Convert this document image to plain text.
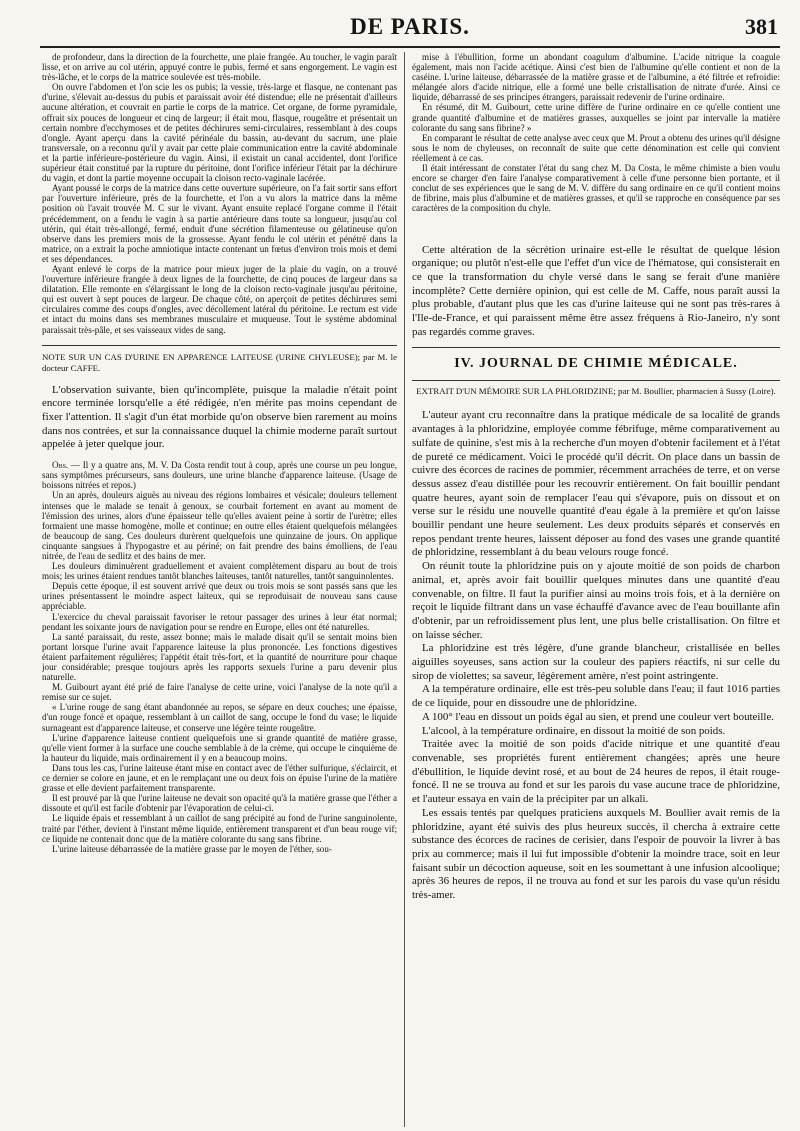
DE PARIS.	381

de profondeur, dans la direction de la fourchette, une plaie frangée. Au toucher, le vagin paraît lisse, et on arrive au col utérin, appuyé contre le pubis, fermé et sans engorgement. Le vagin est très-lâche, et le corps de la matrice soulevée est très-mobile.

On ouvre l'abdomen et l'on scie les os pubis; la vessie, très-large et flasque, ne contenant pas d'urine, s'élevait au-dessus du pubis et paraissait avoir été distendue; elle ne présentait d'ailleurs aucune altération, et couvrait en partie le corps de la matrice. Cet organe, de forme pyramidale, offrait six pouces de longueur et cinq de largeur; il était mou, flasque, rougeâtre et présentait un certain nombre d'ecchymoses et de petites déchirures semi-circulaires, ressemblant à des coups d'ongle. Ayant aperçu dans la cavité périnéale du bassin, au-devant du sacrum, une plaie transversale, on a reconnu qu'il y avait par cette plaie communication entre la cavité abdominale et la partie inférieure-postérieure du vagin. Ainsi, il existait un canal accidentel, dont l'orifice supérieur était constitué par la rupture du péritoine, dont l'orifice inférieur l'était par la déchirure du vagin, et dont la partie moyenne occupait la cloison recto-vaginale lacérée.

Ayant poussé le corps de la matrice dans cette ouverture supérieure, on l'a fait sortir sans effort par l'ouverture inférieure, près de la fourchette, et l'on a vu alors la matrice dans la même position où l'avait trouvée M. C sur le vivant. Ayant ensuite replacé l'organe comme il l'était précédemment, on a fendu le vagin à sa partie antérieure dans toute sa longueur, jusqu'au col utérin, qui était très-allongé, fermé, enduit d'une sécrétion filamenteuse ou gélatineuse qu'on observe dans les premiers mois de la grossesse. Ayant fendu le col utérin et pénétré dans la matrice, on a extrait la poche amniotique intacte contenant un fœtus d'environ trois mois et demi et ses dépendances.

Ayant enlevé le corps de la matrice pour mieux juger de la plaie du vagin, on a trouvé l'ouverture inférieure frangée à deux lignes de la fourchette, de cinq pouces de largeur dans sa dilatation. Elle remonte en s'élargissant le long de la cloison recto-vaginale jusqu'au péritoine, qui est ouvert à sept pouces de largeur. De chaque côté, on aperçoit de petites déchirures semi circulaires comme des coups d'ongles, avec décollement latéral du péritoine. Le rectum est vide et intact du moins dans ses membranes musculaire et muqueuse. Tout le système abdominal paraissait très-pâle, et ses vaisseaux vides de sang.

NOTE SUR UN CAS D'URINE EN APPARENCE LAITEUSE (URINE CHYLEUSE); par M. le docteur CAFFE.

L'observation suivante, bien qu'incomplète, puisque la maladie n'était point encore terminée lorsqu'elle a été rédigée, n'en mérite pas moins cependant de fixer l'attention. Il s'agit d'un état morbide qu'on observe bien rarement au moins dans nos contrées, et sur la connaissance duquel la chimie moderne paraît surtout appelée à jeter quelque jour.

Obs. — Il y a quatre ans, M. V. Da Costa rendit tout à coup, après une course un peu longue, sans symptômes précurseurs, sans douleurs, une urine blanche d'apparence laiteuse. (Usage de boissons nitrées et repos.)

Un an après, douleurs aiguës au niveau des régions lombaires et vésicale; douleurs tellement intenses que le malade se tenait à genoux, se courbait fortement en avant au moment de l'émission des urines, alors d'une épaisseur telle qu'elles avaient peine à sortir de l'urètre; elles formaient une masse homogène, molle et continue; en outre elles étaient quelquefois mélangées de beaucoup de sang. Ces douleurs durèrent quelquefois une quinzaine de jours. On applique cinquante sangsues à l'hypogastre et au périné; on fait prendre des bains émolliens, de l'eau nitrée, de l'eau de sedlitz et des bains de mer.

Les douleurs diminuèrent graduellement et avaient complètement disparu au bout de trois mois; les urines étaient rendues tantôt blanches laiteuses, tantôt naturelles, tantôt sanguinolentes.

Depuis cette époque, il est souvent arrivé que deux ou trois mois se sont passés sans que les urines présentassent le moindre aspect laiteux, qui se reproduisait de nouveau sans cause appréciable.

L'exercice du cheval paraissait favoriser le retour passager des urines à leur état normal; pendant les soixante jours de navigation pour se rendre en Europe, elles ont été naturelles.

La santé paraissait, du reste, assez bonne; mais le malade disait qu'il se sentait moins bien portant lorsque l'urine avait l'apparence laiteuse la plus prononcée. Les fonctions digestives étaient parfaitement régulières; l'appétit était très-fort, et la quantité de nourriture pour chaque jour considérable; presque toujours après les rapports sexuels l'urine a paru devenir plus naturelle.

M. Guibourt ayant été prié de faire l'analyse de cette urine, voici l'analyse de la note qu'il a remise sur ce sujet.

« L'urine rouge de sang étant abandonnée au repos, se sépare en deux couches; une épaisse, d'un rouge foncé et opaque, ressemblant à un caillot de sang, occupe le fond du vase; le liquide surnageant est d'apparence laiteuse, et conserve une légère teinte rougeâtre.

L'urine d'apparence laiteuse contient quelquefois une si grande quantité de matière grasse, qu'elle vient former à la surface une couche semblable à de la crème, qui occupe le cinquième de la hauteur du liquide, mais ordinairement il y en a beaucoup moins.

Dans tous les cas, l'urine laiteuse étant mise en contact avec de l'éther sulfurique, s'éclaircit, et ce dernier se colore en jaune, et en le remplaçant une ou deux fois on épuise l'urine de la matière grasse et elle devient parfaitement transparente.

Il est prouvé par là que l'urine laiteuse ne devait son opacité qu'à la matière grasse que l'éther a dissoute et qu'il est facile d'obtenir par l'évaporation de celui-ci.

Le liquide épais et ressemblant à un caillot de sang précipité au fond de l'urine sanguinolente, traité par l'éther, devient à l'instant même liquide, entièrement transparent et d'un beau rouge vif; ce liquide ne contenait donc que de la matière colorante du sang sans fibrine.

L'urine laiteuse débarrassée de la matière grasse par le moyen de l'éther, sou-

mise à l'ébullition, forme un abondant coagulum d'albumine. L'acide nitrique la coagule également, mais non l'acide acétique. Ainsi c'est bien de l'albumine qu'elle contient et non de la caséine. L'urine laiteuse, débarrassée de la matière grasse et de l'albumine, a été filtrée et refroidie: mélangée alors d'acide nitrique, elle a formé une belle cristallisation de nitrate d'urée. Ainsi ce liquide, débarrassé de ses principes étrangers, paraissait redevenir de l'urine ordinaire.

En résumé, dit M. Guibourt, cette urine diffère de l'urine ordinaire en ce qu'elle contient une grande quantité d'albumine et de matières grasses, auxquelles se joint par intervalle la matière colorante du sang sans fibrine? »

En comparant le résultat de cette analyse avec ceux que M. Prout a obtenu des urines qu'il désigne sous le nom de chyleuses, on reconnaît de suite que cette dénomination est celle qui convient réellement à ce cas.

Il était intéressant de constater l'état du sang chez M. Da Costa, le même chimiste a bien voulu encore se charger d'en faire l'analyse comparativement à celle d'une personne bien portante, et il conclut de ses expériences que le sang de M. V. diffère du sang ordinaire en ce qu'il contient moins de fibrine, mais plus d'albumine et de matières grasses, et qu'il se rapproche en conséquence par ses caractères de la composition du chyle.

Cette altération de la sécrétion urinaire est-elle le résultat de quelque lésion organique; ou plutôt n'est-elle que l'effet d'un vice de l'hématose, qui consisterait en ce que la transformation du chyle versé dans le sang se ferait d'une manière incomplète? Cette dernière opinion, qui est celle de M. Caffe, nous paraît aussi la plus probable, d'autant plus que les cas d'urine laiteuse qui ne sont pas très-rares à l'Ile-de-France, et qui paraissent même être assez fréquens à Rio-Janeiro, n'y sont pas regardés comme graves.

IV. JOURNAL DE CHIMIE MÉDICALE.

EXTRAIT D'UN MÉMOIRE SUR LA PHLORIDZINE; par M. Boullier, pharmacien à Sussy (Loire).

L'auteur ayant cru reconnaître dans la pratique médicale de sa localité de grands avantages à la phloridzine, employée comme fébrifuge, même comparativement au sulfate de quinine, s'est mis à la recherche d'un moyen d'obtenir facilement et à l'état de pureté ce médicament. Voici le procédé qu'il décrit. On place dans un bassin de cuivre des écorces de racines de pommier, récemment arrachées de terre, et on verse dessus assez d'eau distillée pour les recouvrir entièrement. On fait bouillir pendant quatre heures, ayant soin de remplacer l'eau qui s'évapore, puis on dissout et on verse sur le résidu une nouvelle quantité d'eau égale à la première et qu'on laisse bouillir pendant une heure seulement. Les deux produits séparés et conservés en repos pendant trente heures, laissent déposer au fond des vases une grande quantité de phloridzine, ressemblant à du beau velours rouge foncé.

On réunit toute la phloridzine puis on y ajoute moitié de son poids de charbon animal, et, après avoir fait bouillir quelques minutes dans une quantité d'eau convenable, on filtre. Il faut la purifier ainsi au moins trois fois, et à la dernière on reçoit le liquide filtrant dans un vase échauffé d'avance avec de l'eau bouillante afin d'obtenir, par un refroidissement plus lent, une plus belle cristallisation. On filtre et on laisse sécher.

La phloridzine est très légère, d'une grande blancheur, cristallisée en belles aiguilles soyeuses, sans action sur la couleur des papiers réactifs, ni sur celle du sirop de violettes; sa saveur, légèrement amère, n'est point astringente.

A la température ordinaire, elle est très-peu soluble dans l'eau; il faut 1016 parties de ce liquide, pour en dissoudre une de phloridzine.

A 100° l'eau en dissout un poids égal au sien, et prend une couleur vert bouteille.

L'alcool, à la température ordinaire, en dissout la moitié de son poids.

Traitée avec la moitié de son poids d'acide nitrique et une quantité d'eau convenable, ses propriétés furent entièrement changées; après une heure d'ébullition, le liquide devint rosé, et au bout de 24 heures de repos, il était rouge-foncé. Il ne se trouva au fond et sur les parois du vase aucune trace de phloridzine, et l'auteur essaya en vain de la précipiter par un alkali.

Les essais tentés par quelques praticiens auxquels M. Boullier avait remis de la phloridzine, ayant été suivis des plus heureux succès, il chercha à extraire cette substance des écorces de racines de cerisier, dans l'espoir de pouvoir la livrer à bas prix au commerce; mais il lui fut impossible d'obtenir la moindre trace, soit en leur faisant subir un décoction aqueuse, soit en les soumettant à une infusion alcoolique; après 36 heures de repos, il ne trouva au fond et sur les parois du vase qu'un résidu très-amer.
